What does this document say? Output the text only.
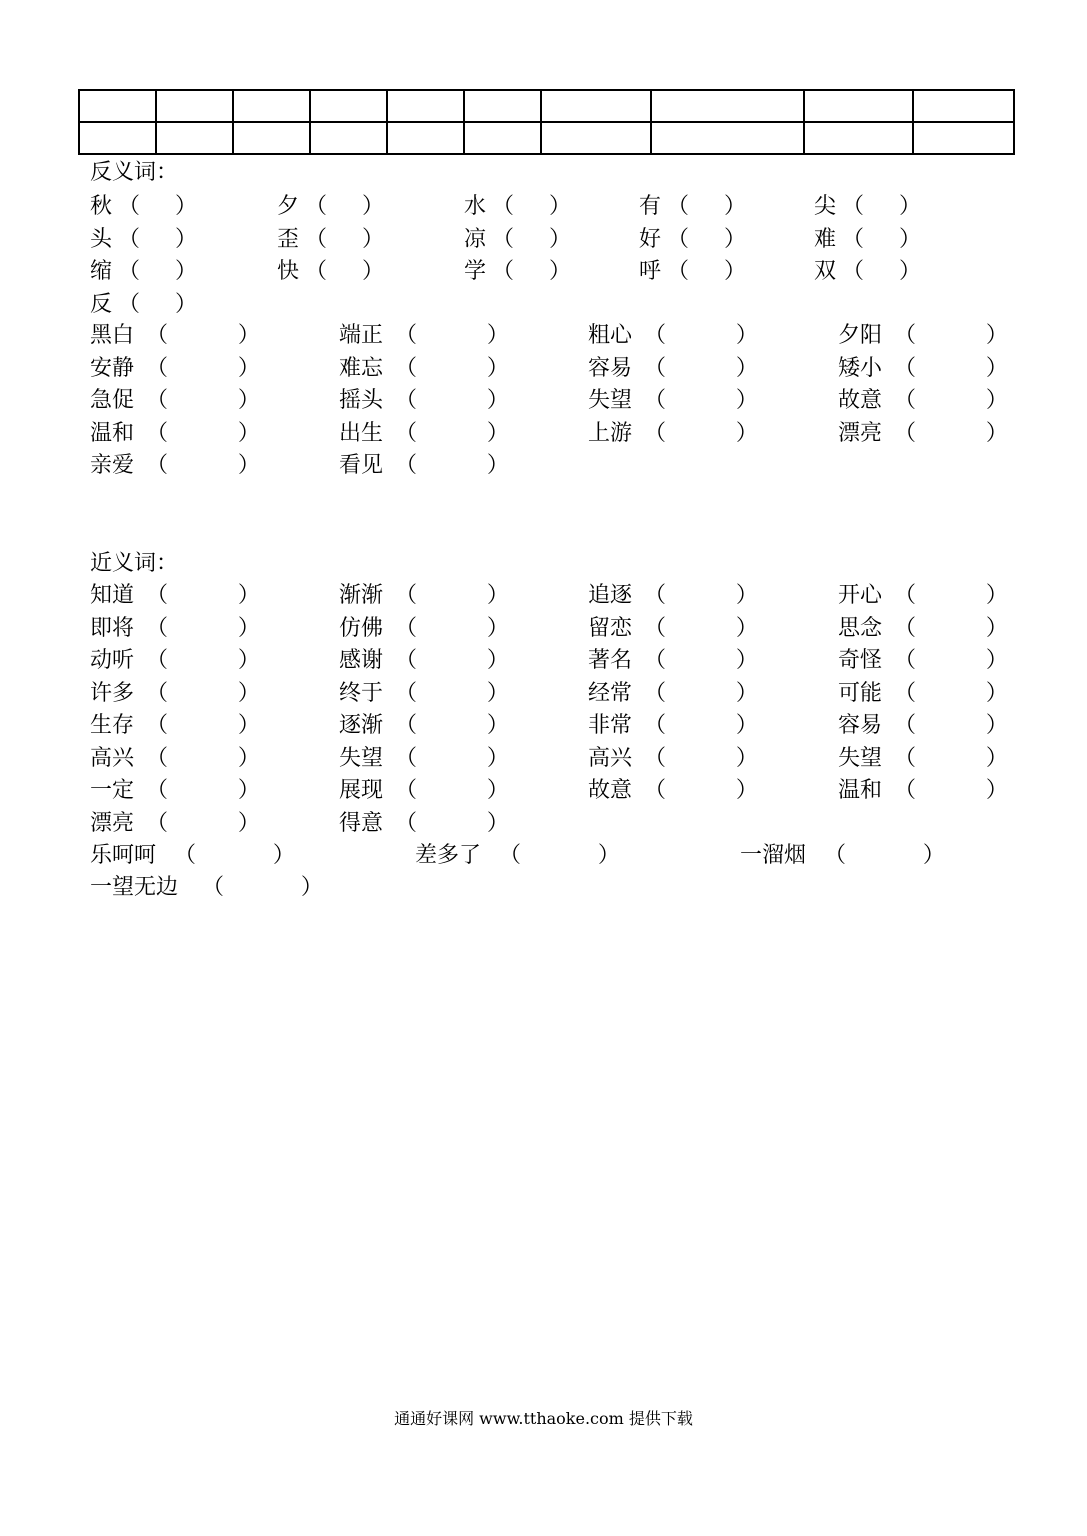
反义词：
秋 （     ）	夕 （     ）	水 （     ）	有 （     ）	尖 （     ）
头 （     ）	歪 （     ）	凉 （     ）	好 （     ）	难 （     ）
缩 （     ）	快 （     ）	学 （     ）	呼 （     ）	双 （     ）
反 （     ）
黑白 （          ）	端正 （          ）	粗心 （          ）	夕阳 （          ）
安静 （          ）	难忘 （          ）	容易 （          ）	矮小 （          ）
急促 （          ）	摇头 （          ）	失望 （          ）	故意 （          ）
温和 （          ）	出生 （          ）	上游 （          ）	漂亮 （          ）
亲爱 （          ）	看见 （          ）
近义词：
知道 （          ）	渐渐 （          ）	追逐 （          ）	开心 （          ）
即将 （          ）	仿佛 （          ）	留恋 （          ）	思念 （          ）
动听 （          ）	感谢 （          ）	著名 （          ）	奇怪 （          ）
许多 （          ）	终于 （          ）	经常 （          ）	可能 （          ）
生存 （          ）	逐渐 （          ）	非常 （          ）	容易 （          ）
高兴 （          ）	失望 （          ）	高兴 （          ）	失望 （          ）
一定 （          ）	展现 （          ）	故意 （          ）	温和 （          ）
漂亮 （          ）	得意 （          ）
乐呵呵 （           ）	差多了 （           ）	一溜烟 （           ）
一望无边 （           ）
通通好课网 www.tthaoke.com 提供下载
